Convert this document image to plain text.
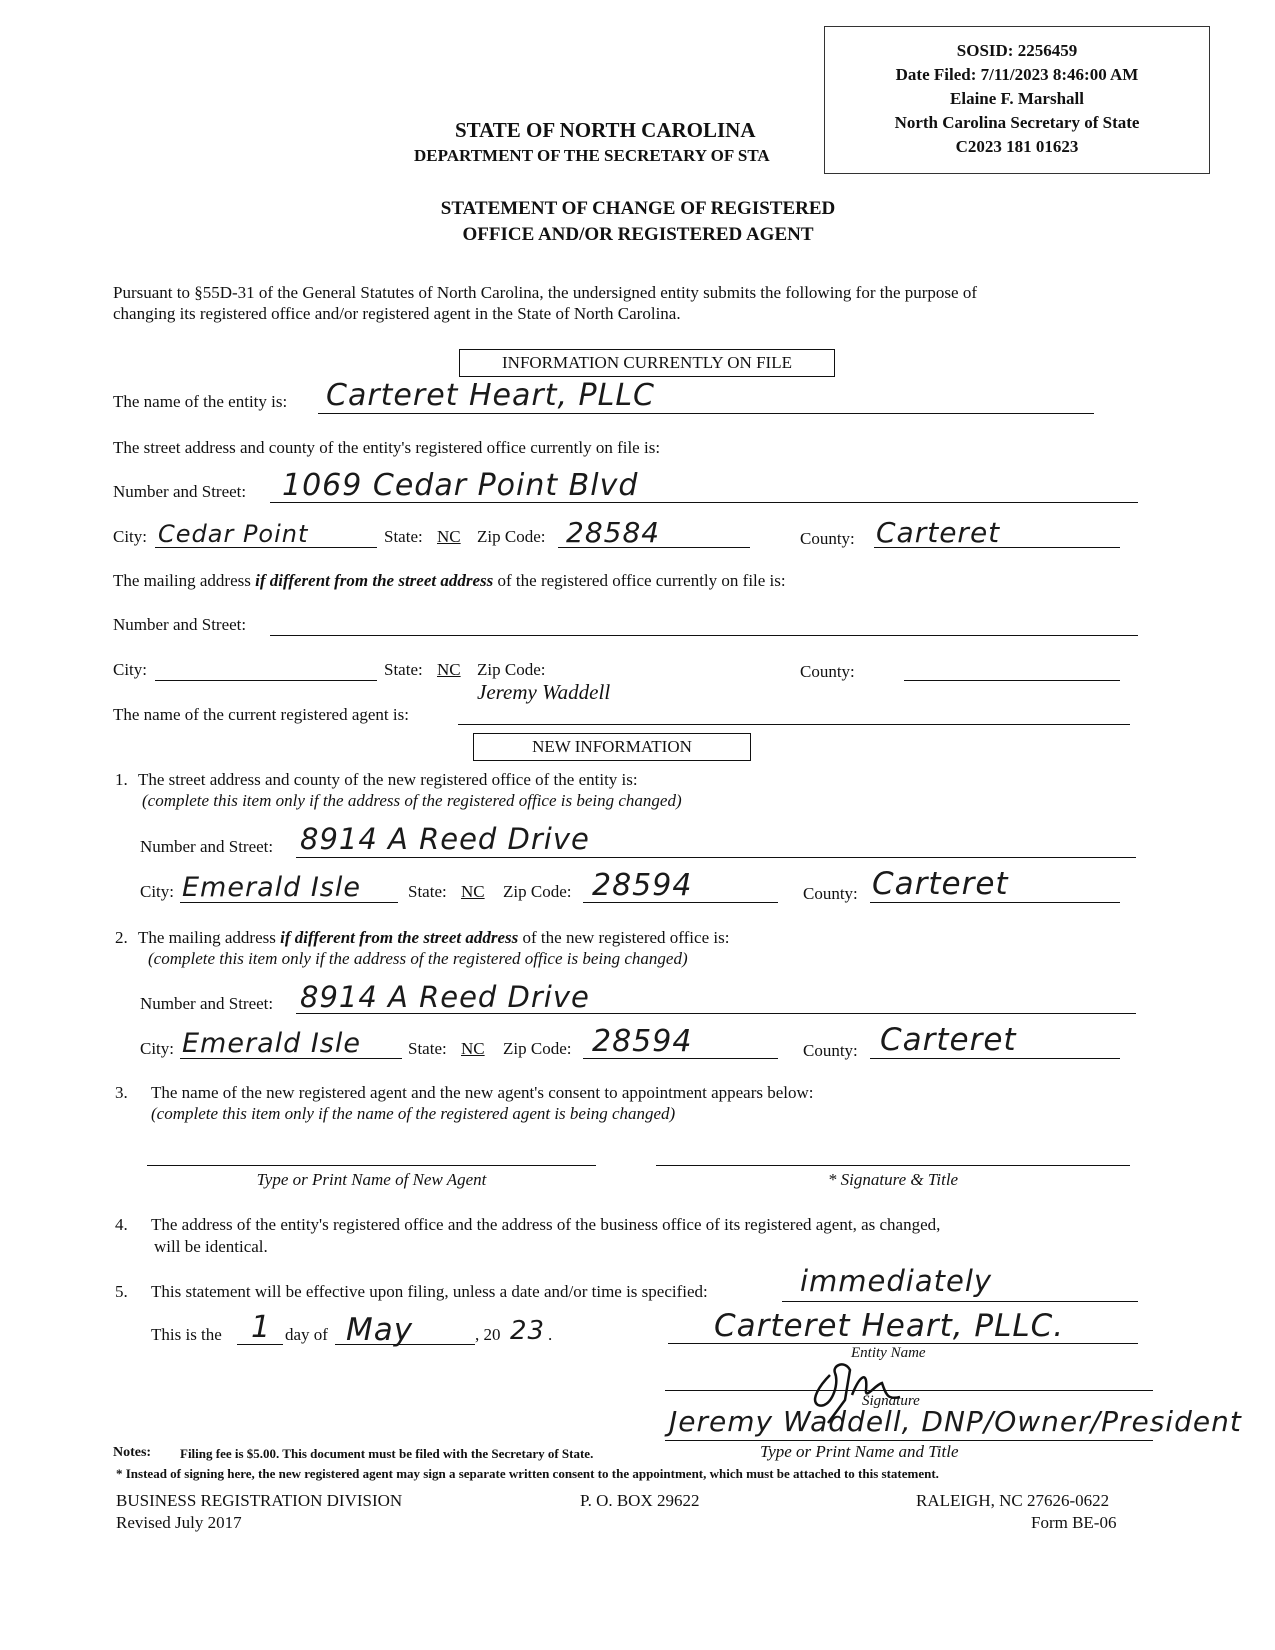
SOSID: 2256459
Date Filed: 7/11/2023 8:46:00 AM
Elaine F. Marshall
North Carolina Secretary of State
C2023 181 01623
STATE OF NORTH CAROLINA
DEPARTMENT OF THE SECRETARY OF STA
STATEMENT OF CHANGE OF REGISTERED
OFFICE AND/OR REGISTERED AGENT
Pursuant to §55D-31 of the General Statutes of North Carolina, the undersigned entity submits the following for the purpose of
changing its registered office and/or registered agent in the State of North Carolina.
INFORMATION CURRENTLY ON FILE
The name of the entity is: Carteret Heart, PLLC
The street address and county of the entity's registered office currently on file is:
Number and Street: 1069 Cedar Point Blvd
City: Cedar Point	State: NC Zip Code: 28584	County: Carteret
The mailing address if different from the street address of the registered office currently on file is:
Number and Street:
City:	State: NC Zip Code:	County:
Jeremy Waddell
The name of the current registered agent is:
NEW INFORMATION
1. The street address and county of the new registered office of the entity is:
(complete this item only if the address of the registered office is being changed)
Number and Street: 8914 A Reed Drive
City: Emerald Isle	State: NC Zip Code: 28594	County: Carteret
2. The mailing address if different from the street address of the new registered office is:
(complete this item only if the address of the registered office is being changed)
Number and Street: 8914 A Reed Drive
City: Emerald Isle	State: NC Zip Code: 28594	County: Carteret
3. The name of the new registered agent and the new agent's consent to appointment appears below:
(complete this item only if the name of the registered agent is being changed)
Type or Print Name of New Agent	* Signature & Title
4. The address of the entity's registered office and the address of the business office of its registered agent, as changed,
will be identical.
5. This statement will be effective upon filing, unless a date and/or time is specified:	immediately
This is the 1 day of May	, 20 23 .	Carteret Heart, PLLC.
Entity Name
Signature
Jeremy Waddell, DNP/Owner/President
Type or Print Name and Title
Notes: Filing fee is $5.00. This document must be filed with the Secretary of State.
* Instead of signing here, the new registered agent may sign a separate written consent to the appointment, which must be attached to this statement.
BUSINESS REGISTRATION DIVISION	P. O. BOX 29622	RALEIGH, NC 27626-0622
Revised July 2017	Form BE-06
